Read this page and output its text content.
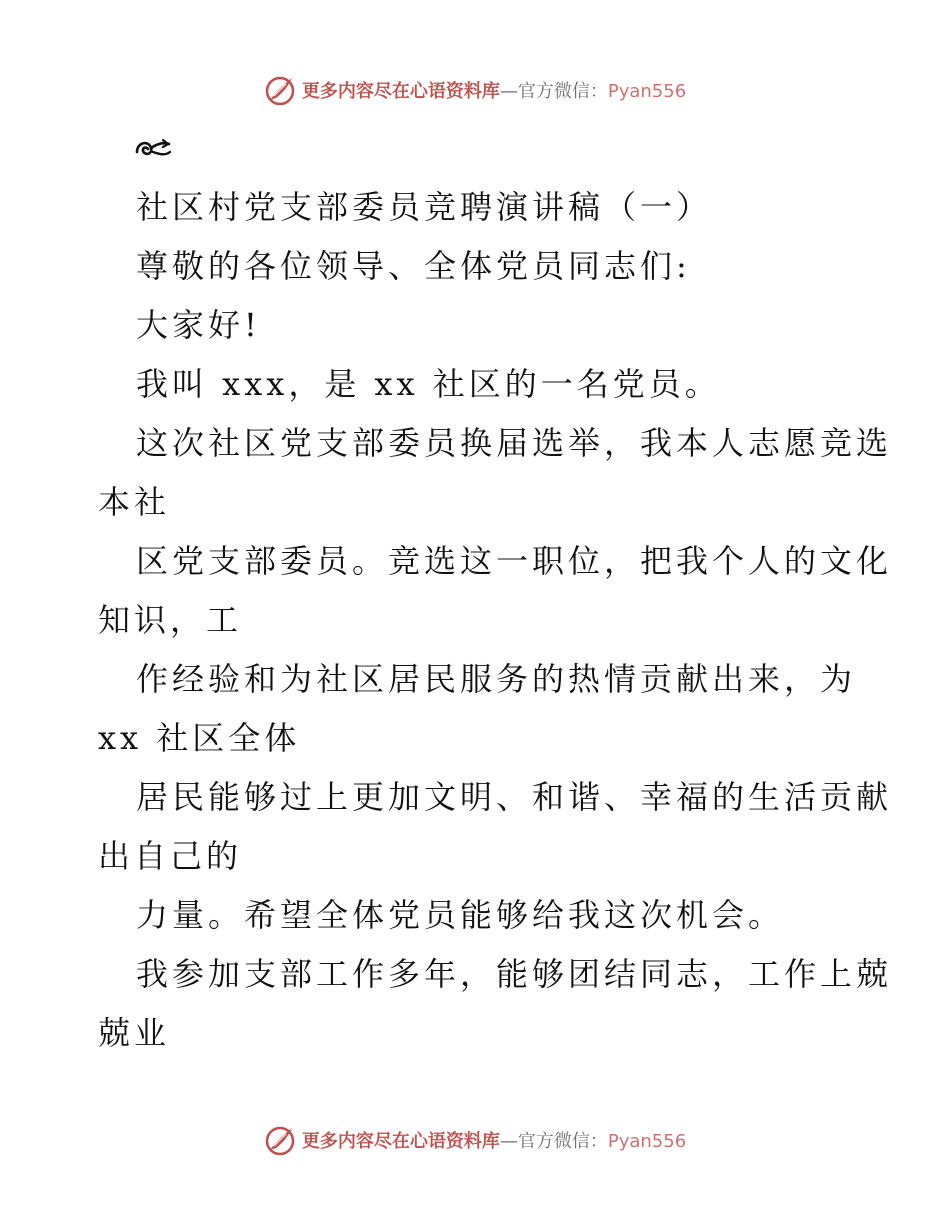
更多内容尽在心语资料库—官方微信：Pyan556
社区村党支部委员竞聘演讲稿（一）
尊敬的各位领导、全体党员同志们:
大家好!
我叫 xxx，是 xx 社区的一名党员。
这次社区党支部委员换届选举，我本人志愿竞选
本社
区党支部委员。竞选这一职位，把我个人的文化
知识，工
作经验和为社区居民服务的热情贡献出来，为
xx 社区全体
居民能够过上更加文明、和谐、幸福的生活贡献
出自己的
力量。希望全体党员能够给我这次机会。
我参加支部工作多年，能够团结同志，工作上兢
兢业
更多内容尽在心语资料库—官方微信：Pyan556
